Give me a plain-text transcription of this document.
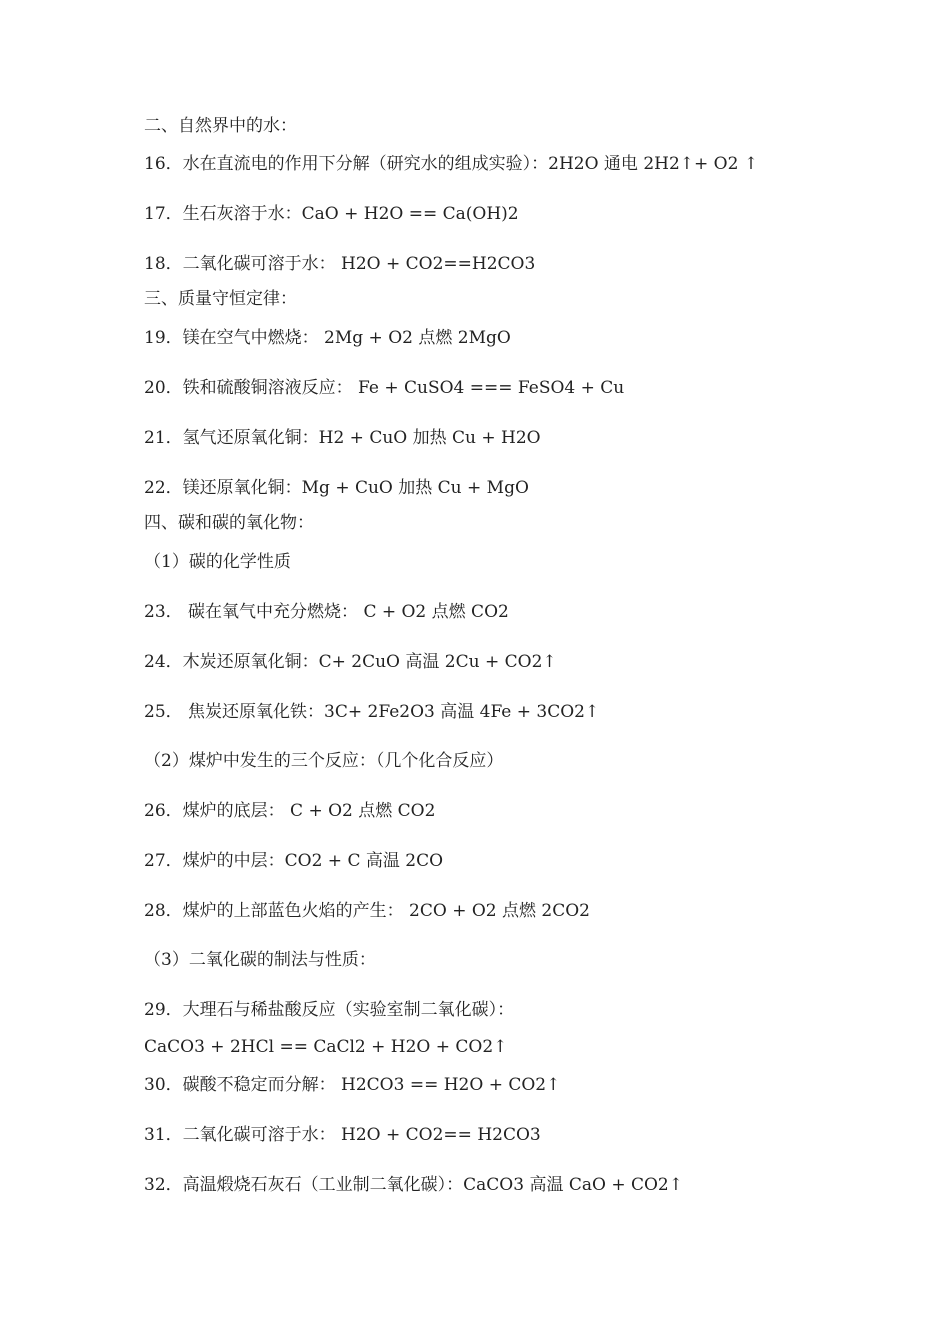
二、自然界中的水：
16．水在直流电的作用下分解（研究水的组成实验）：2H2O 通电 2H2↑+ O2 ↑
17．生石灰溶于水：CaO + H2O == Ca(OH)2
18．二氧化碳可溶于水： H2O + CO2==H2CO3
三、质量守恒定律：
19．镁在空气中燃烧： 2Mg + O2 点燃 2MgO
20．铁和硫酸铜溶液反应： Fe + CuSO4 === FeSO4 + Cu
21．氢气还原氧化铜：H2 + CuO 加热 Cu + H2O
22．镁还原氧化铜：Mg + CuO 加热 Cu + MgO
四、碳和碳的氧化物：
（1）碳的化学性质
23． 碳在氧气中充分燃烧： C + O2 点燃 CO2
24．木炭还原氧化铜：C+ 2CuO 高温 2Cu + CO2↑
25． 焦炭还原氧化铁：3C+ 2Fe2O3 高温 4Fe + 3CO2↑
（2）煤炉中发生的三个反应：（几个化合反应）
26．煤炉的底层： C + O2 点燃 CO2
27．煤炉的中层：CO2 + C 高温 2CO
28．煤炉的上部蓝色火焰的产生： 2CO + O2 点燃 2CO2
（3）二氧化碳的制法与性质：
29．大理石与稀盐酸反应（实验室制二氧化碳）：
CaCO3 + 2HCl == CaCl2 + H2O + CO2↑
30．碳酸不稳定而分解： H2CO3 == H2O + CO2↑
31．二氧化碳可溶于水： H2O + CO2== H2CO3
32．高温煅烧石灰石（工业制二氧化碳）：CaCO3 高温 CaO + CO2↑
